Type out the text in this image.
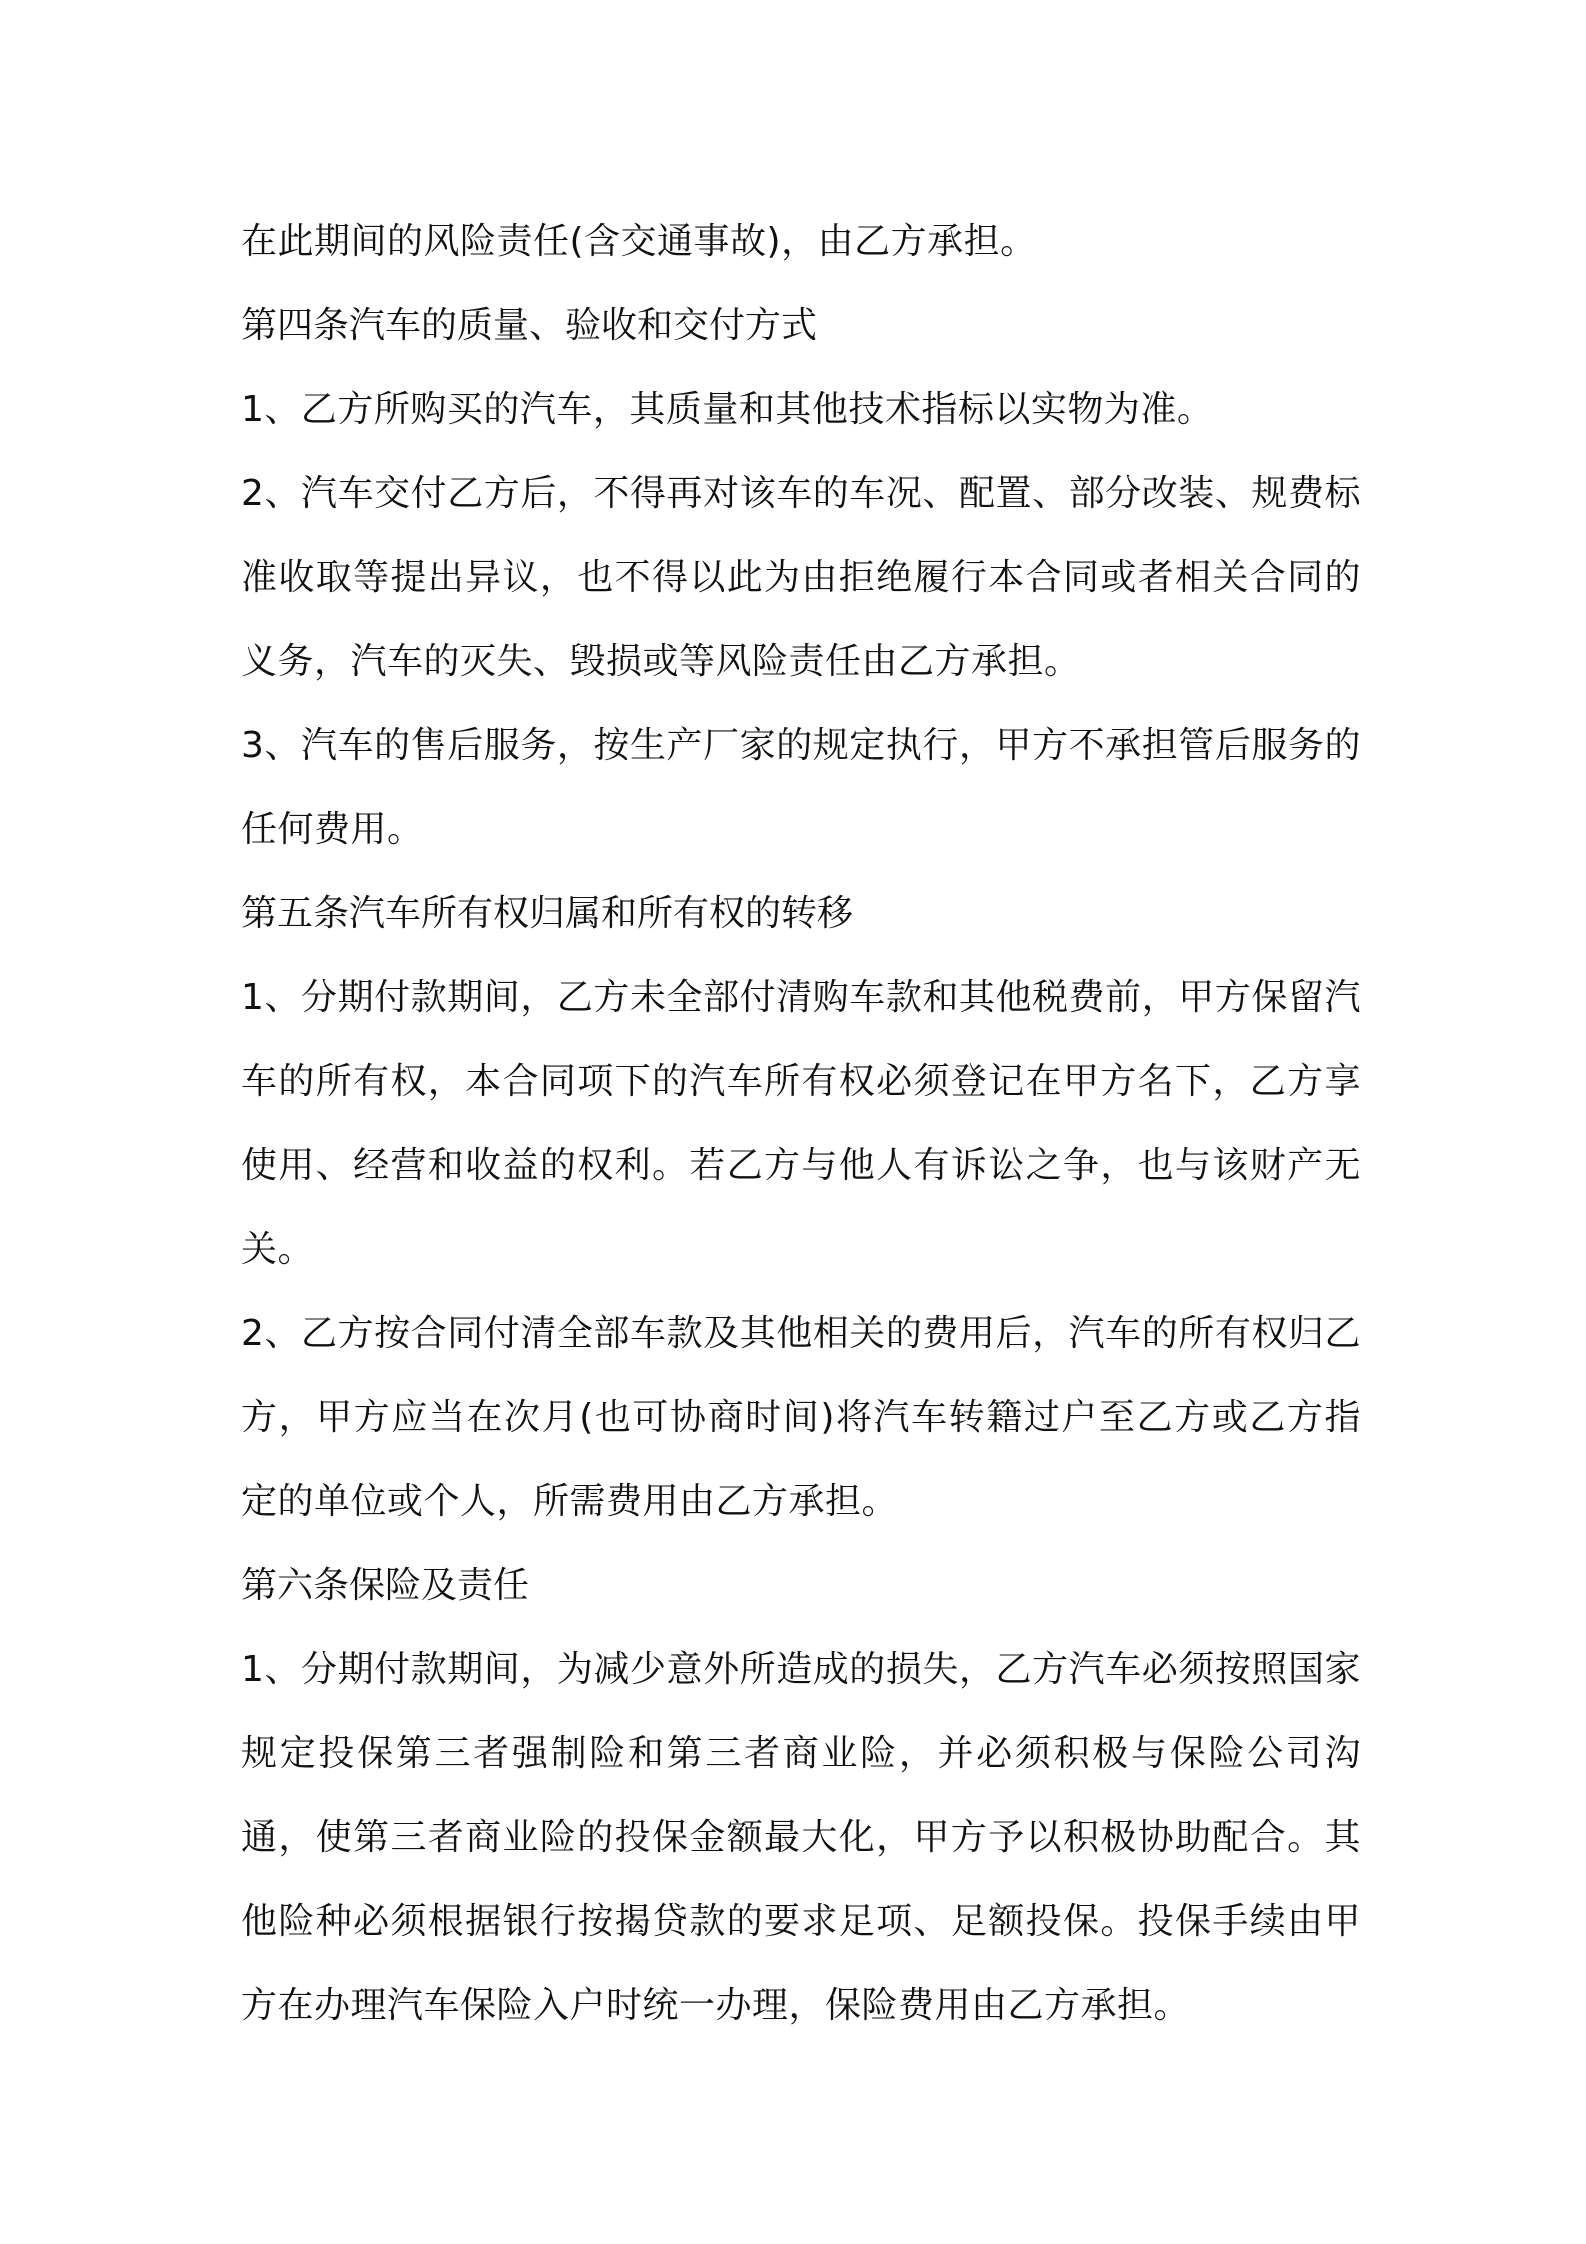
在此期间的风险责任(含交通事故)，由乙方承担。

第四条汽车的质量、验收和交付方式

1、乙方所购买的汽车，其质量和其他技术指标以实物为准。

2、汽车交付乙方后，不得再对该车的车况、配置、部分改装、规费标准收取等提出异议，也不得以此为由拒绝履行本合同或者相关合同的义务，汽车的灭失、毁损或等风险责任由乙方承担。

3、汽车的售后服务，按生产厂家的规定执行，甲方不承担管后服务的任何费用。

第五条汽车所有权归属和所有权的转移

1、分期付款期间，乙方未全部付清购车款和其他税费前，甲方保留汽车的所有权，本合同项下的汽车所有权必须登记在甲方名下，乙方享使用、经营和收益的权利。若乙方与他人有诉讼之争，也与该财产无关。

2、乙方按合同付清全部车款及其他相关的费用后，汽车的所有权归乙方，甲方应当在次月(也可协商时间)将汽车转籍过户至乙方或乙方指定的单位或个人，所需费用由乙方承担。

第六条保险及责任

1、分期付款期间，为减少意外所造成的损失，乙方汽车必须按照国家规定投保第三者强制险和第三者商业险，并必须积极与保险公司沟通，使第三者商业险的投保金额最大化，甲方予以积极协助配合。其他险种必须根据银行按揭贷款的要求足项、足额投保。投保手续由甲方在办理汽车保险入户时统一办理，保险费用由乙方承担。
